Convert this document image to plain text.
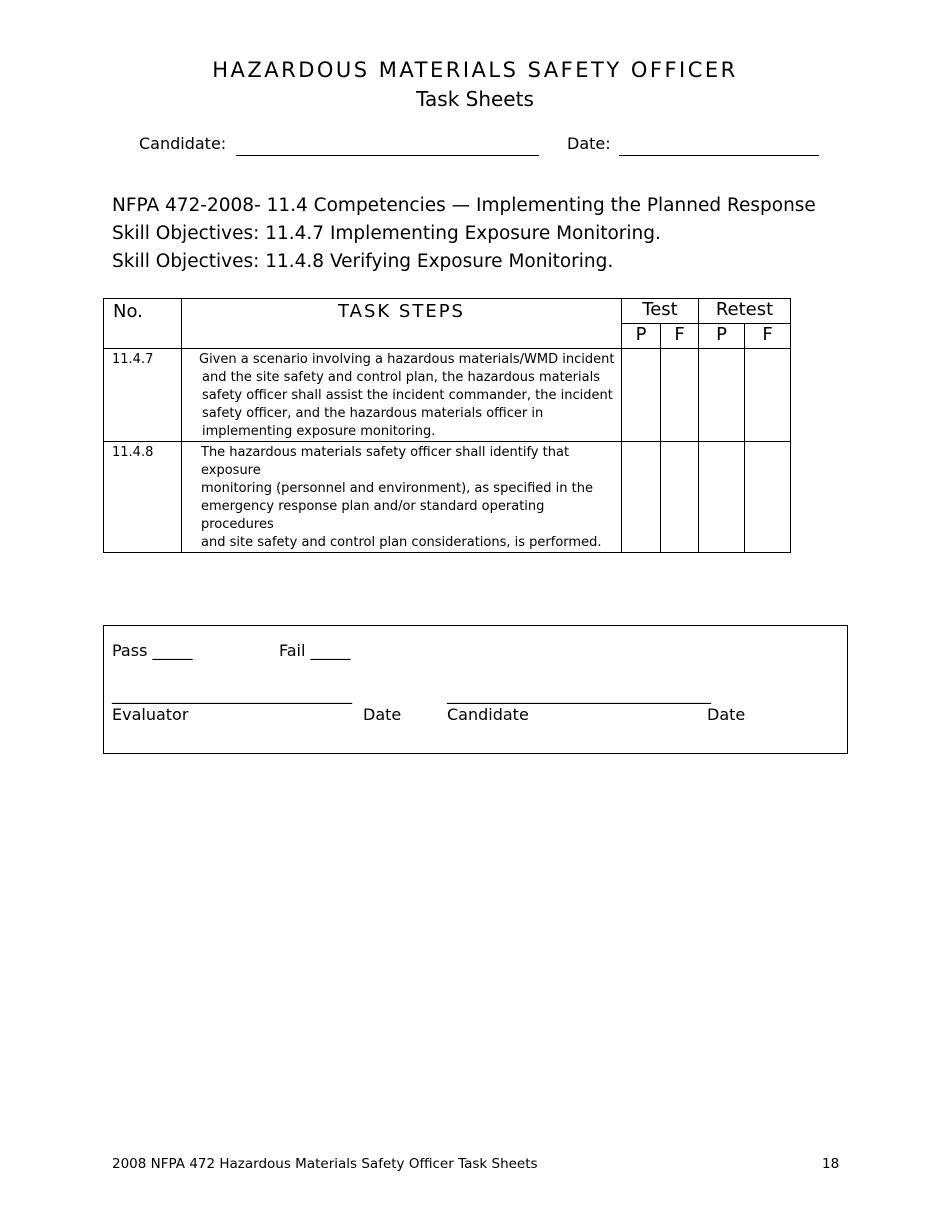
HAZARDOUS MATERIALS SAFETY OFFICER
Task Sheets
Candidate:	Date:
NFPA 472-2008- 11.4 Competencies — Implementing the Planned Response
Skill Objectives: 11.4.7 Implementing Exposure Monitoring.
Skill Objectives: 11.4.8 Verifying Exposure Monitoring.
No.	TASK STEPS	Test		Retest	
		P	F	P	F
11.4.7	Given a scenario involving a hazardous materials/WMD incident
and the site safety and control plan, the hazardous materials
safety officer shall assist the incident commander, the incident
safety officer, and the hazardous materials officer in
implementing exposure monitoring.				

11.4.8	The hazardous materials safety officer shall identify that exposure
monitoring (personnel and environment), as specified in the
emergency response plan and/or standard operating procedures
and site safety and control plan considerations, is performed.				

Pass _____	Fail _____
______________________________	_________________________________
Evaluator	Date	Candidate	Date
2008 NFPA 472 Hazardous Materials Safety Officer Task Sheets	18
